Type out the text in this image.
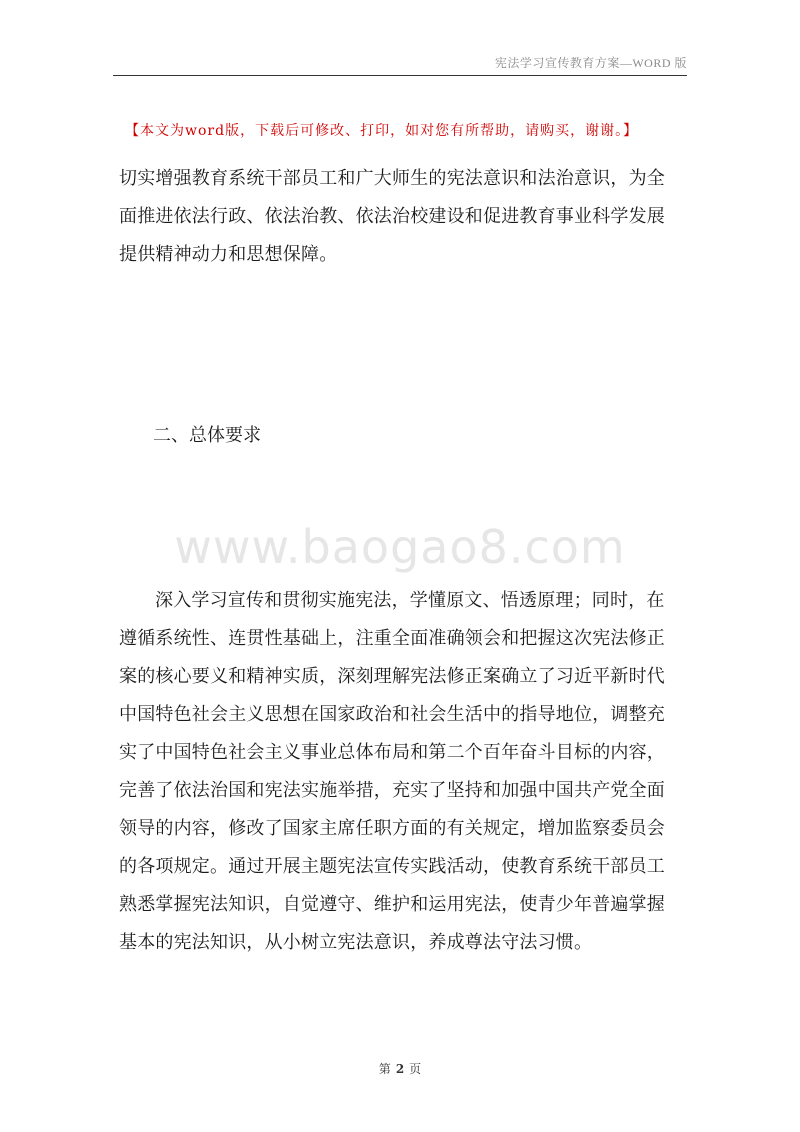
宪法学习宣传教育方案—WORD 版
【本文为word版，下载后可修改、打印，如对您有所帮助，请购买，谢谢。】

切实增强教育系统干部员工和广大师生的宪法意识和法治意识，为全面推进依法行政、依法治教、依法治校建设和促进教育事业科学发展提供精神动力和思想保障。

二、总体要求

www.baogao8.com

深入学习宣传和贯彻实施宪法，学懂原文、悟透原理；同时，在遵循系统性、连贯性基础上，注重全面准确领会和把握这次宪法修正案的核心要义和精神实质，深刻理解宪法修正案确立了习近平新时代中国特色社会主义思想在国家政治和社会生活中的指导地位，调整充实了中国特色社会主义事业总体布局和第二个百年奋斗目标的内容，完善了依法治国和宪法实施举措，充实了坚持和加强中国共产党全面领导的内容，修改了国家主席任职方面的有关规定，增加监察委员会的各项规定。通过开展主题宪法宣传实践活动，使教育系统干部员工熟悉掌握宪法知识，自觉遵守、维护和运用宪法，使青少年普遍掌握基本的宪法知识，从小树立宪法意识，养成尊法守法习惯。

第 2 页
